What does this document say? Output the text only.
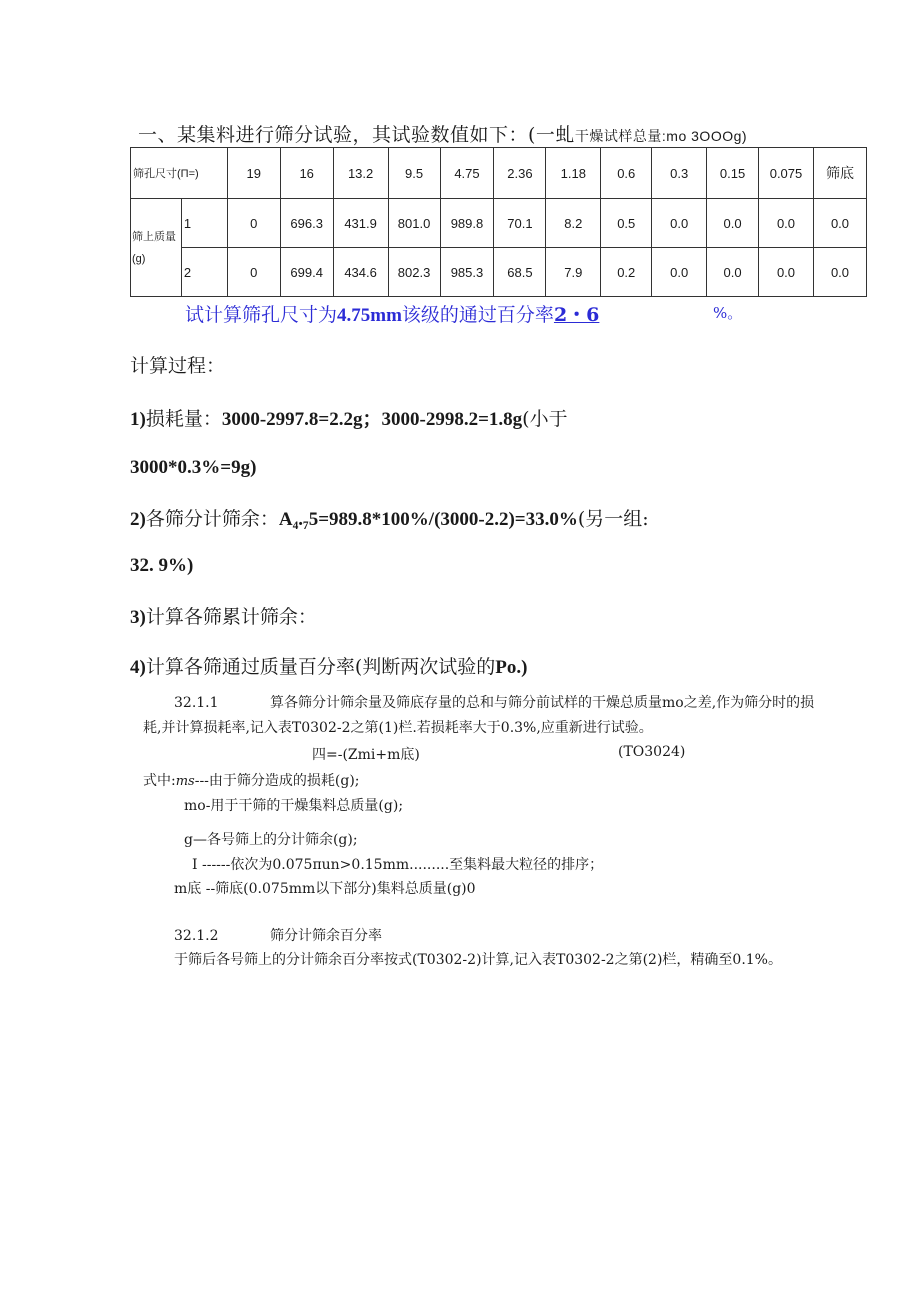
一、某集料进行筛分试验，其试验数值如下：(一虬干燥试样总量:mo 3OOOg)
筛孔尺寸(П=)		19	16	13.2	9.5	4.75	2.36	1.18	0.6	0.3	0.15	0.075	筛底
筛上质量(g)	1	0	696.3	431.9	801.0	989.8	70.1	8.2	0.5	0.0	0.0	0.0	0.0
	2	0	699.4	434.6	802.3	985.3	68.5	7.9	0.2	0.0	0.0	0.0	0.0
试计算筛孔尺寸为4.75mm该级的通过百分率2・6	%。
计算过程：
1)损耗量：3000-2997.8=2.2g；3000-2998.2=1.8g(小于
3000*0.3%=9g)
2)各筛分计筛余：A₄.₇5=989.8*100%/(3000-2.2)=33.0%(另一组:
32. 9%)
3)计算各筛累计筛余：
4)计算各筛通过质量百分率(判断两次试验的Po.)
32.1.1	算各筛分计筛余量及筛底存量的总和与筛分前试样的干燥总质量mo之差,作为筛分时的损
耗,并计算损耗率,记入表T0302-2之第(1)栏.若损耗率大于0.3%,应重新进行试验。
四=-(Zmi+m底)	(TO3024)
式中:ms---由于筛分造成的损耗(g);
mo-用于干筛的干燥集料总质量(g);
g—各号筛上的分计筛余(g);
I ------依次为0.075πun>0.15mm.........至集料最大粒径的排序；
m底 --筛底(0.075mm以下部分)集料总质量(g)0
32.1.2	筛分计筛余百分率
于筛后各号筛上的分计筛余百分率按式(T0302-2)计算,记入表T0302-2之第(2)栏，精确至0.1%。
